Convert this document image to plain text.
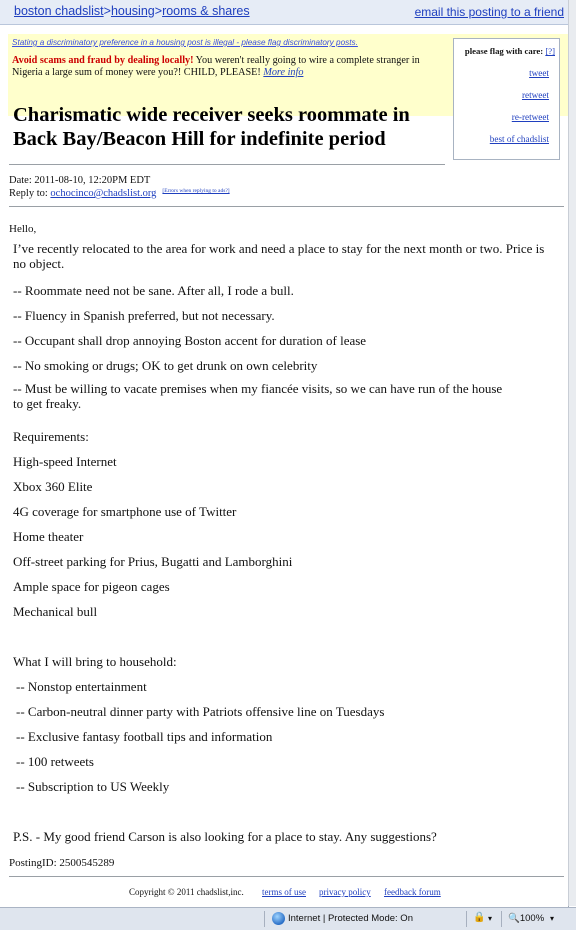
boston chadslist>housing>rooms & shares	email this posting to a friend
Stating a discriminatory preference in a housing post is illegal - please flag discriminatory posts.
Avoid scams and fraud by dealing locally! You weren't really going to wire a complete stranger in Nigeria a large sum of money were you?! CHILD, PLEASE! More info
please flag with care: [?]
tweet
retweet
re-retweet
best of chadslist
Charismatic wide receiver seeks roommate in Back Bay/Beacon Hill for indefinite period
Date: 2011-08-10, 12:20PM EDT
Reply to: ochocinco@chadslist.org [Errors when replying to ads?]
Hello,
I’ve recently relocated to the area for work and need a place to stay for the next month or two. Price is no object.
-- Roommate need not be sane. After all, I rode a bull.
-- Fluency in Spanish preferred, but not necessary.
-- Occupant shall drop annoying Boston accent for duration of lease
-- No smoking or drugs; OK to get drunk on own celebrity
-- Must be willing to vacate premises when my fiancée visits, so we can have run of the house to get freaky.
Requirements:
High-speed Internet
Xbox 360 Elite
4G coverage for smartphone use of Twitter
Home theater
Off-street parking for Prius, Bugatti and Lamborghini
Ample space for pigeon cages
Mechanical bull
What I will bring to household:
-- Nonstop entertainment
-- Carbon-neutral dinner party with Patriots offensive line on Tuesdays
-- Exclusive fantasy football tips and information
-- 100 retweets
-- Subscription to US Weekly
P.S. - My good friend Carson is also looking for a place to stay. Any suggestions?
PostingID: 2500545289
Copyright © 2011 chadslist,inc. terms of use privacy policy feedback forum
Internet | Protected Mode: On	🔒 ▾ 🔍100% ▾
